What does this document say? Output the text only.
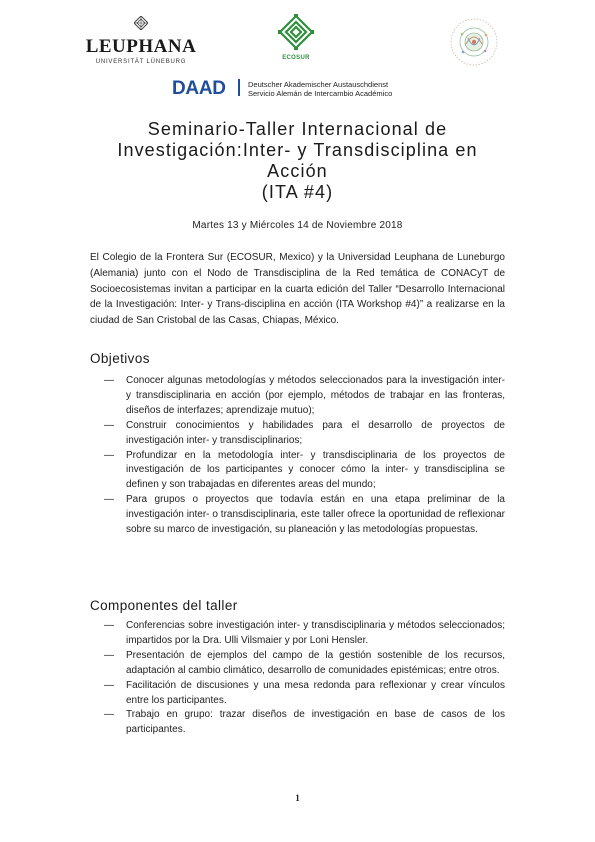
LEUPHANA
UNIVERSITÄT LÜNEBURG
ECOSUR
DAAD	Deutscher Akademischer Austauschdienst
Servicio Alemán de Intercambio Académico
Seminario-Taller Internacional de
Investigación:Inter- y Transdisciplina en
Acción
(ITA #4)
Martes 13 y Miércoles 14 de Noviembre 2018

El Colegio de la Frontera Sur (ECOSUR, Mexico) y la Universidad Leuphana de Luneburgo (Alemania) junto con el Nodo de Transdisciplina de la Red temática de CONACyT de Socioecosistemas invitan a participar en la cuarta edición del Taller “Desarrollo Internacional de la Investigación: Inter- y Trans-disciplina en acción (ITA Workshop #4)” a realizarse en la ciudad de San Cristobal de las Casas, Chiapas, México.

Objetivos
—	Conocer algunas metodologías y métodos seleccionados para la investigación inter- y transdisciplinaria en acción (por ejemplo, métodos de trabajar en las fronteras, diseños de interfazes; aprendizaje mutuo);
—	Construir conocimientos y habilidades para el desarrollo de proyectos de investigación inter- y transdisciplinarios;
—	Profundizar en la metodología inter- y transdisciplinaria de los proyectos de investigación de los participantes y conocer cómo la inter- y transdisciplina se definen y son trabajadas en diferentes areas del mundo;
—	Para grupos o proyectos que todavía están en una etapa preliminar de la investigación inter- o transdisciplinaria, este taller ofrece la oportunidad de reflexionar sobre su marco de investigación, su planeación y las metodologías propuestas.
Componentes del taller
—	Conferencias sobre investigación inter- y transdisciplinaria y métodos seleccionados; impartidos por la Dra. Ulli Vilsmaier y por Loni Hensler.
—	Presentación de ejemplos del campo de la gestión sostenible de los recursos, adaptación al cambio climático, desarrollo de comunidades epistémicas; entre otros.
—	Facilitación de discusiones y una mesa redonda para reflexionar y crear vínculos entre los participantes.
—	Trabajo en grupo: trazar diseños de investigación en base de casos de los participantes.
1
